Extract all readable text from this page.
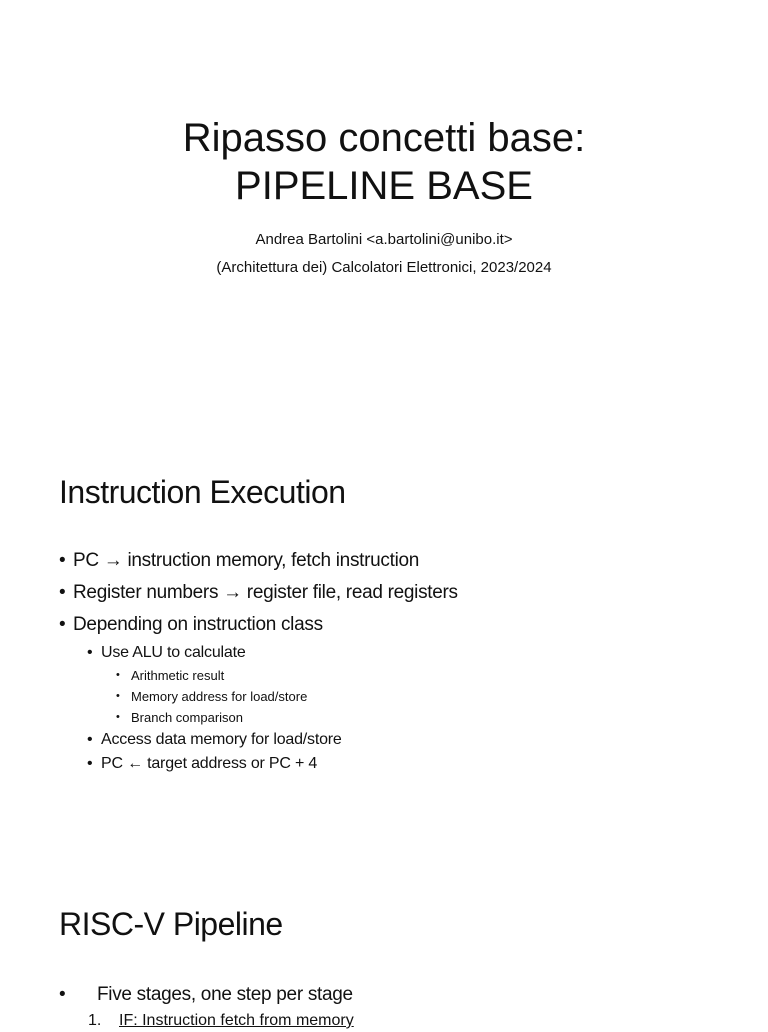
Ripasso concetti base:
PIPELINE BASE

Andrea Bartolini <a.bartolini@unibo.it>

(Architettura dei) Calcolatori Elettronici, 2023/2024

Instruction Execution
• PC → instruction memory, fetch instruction
• Register numbers → register file, read registers
• Depending on instruction class
• Use ALU to calculate
• Arithmetic result
• Memory address for load/store
• Branch comparison
• Access data memory for load/store
• PC ← target address or PC + 4
RISC-V Pipeline
• Five stages, one step per stage
1. IF: Instruction fetch from memory
